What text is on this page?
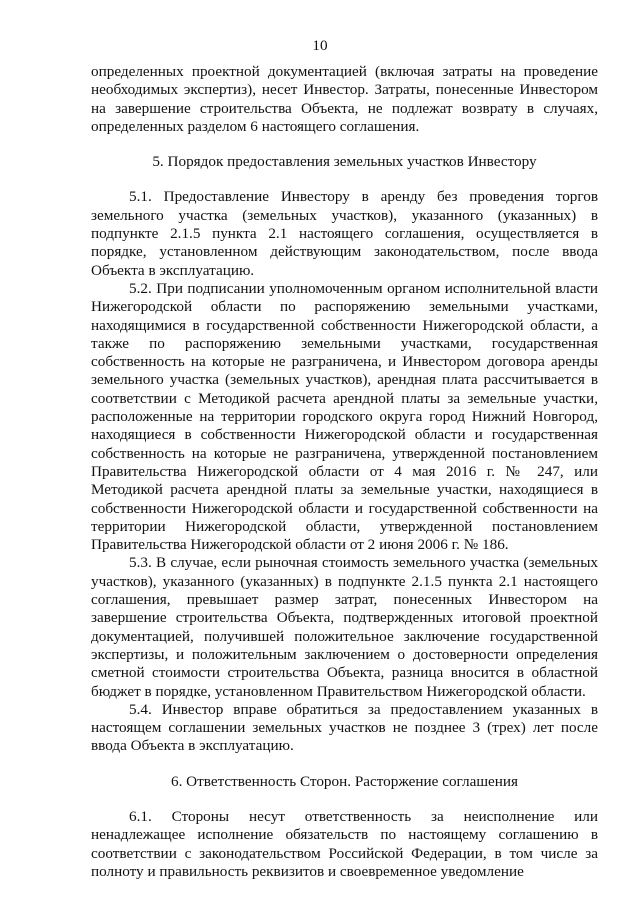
10

определенных проектной документацией (включая затраты на проведение необходимых экспертиз), несет Инвестор. Затраты, понесенные Инвестором на завершение строительства Объекта, не подлежат возврату в случаях, определенных разделом 6 настоящего соглашения.

5. Порядок предоставления земельных участков Инвестору

5.1. Предоставление Инвестору в аренду без проведения торгов земельного участка (земельных участков), указанного (указанных) в подпункте 2.1.5 пункта 2.1 настоящего соглашения, осуществляется в порядке, установленном действующим законодательством, после ввода Объекта в эксплуатацию.

5.2. При подписании уполномоченным органом исполнительной власти Нижегородской области по распоряжению земельными участками, находящимися в государственной собственности Нижегородской области, а также по распоряжению земельными участками, государственная собственность на которые не разграничена, и Инвестором договора аренды земельного участка (земельных участков), арендная плата рассчитывается в соответствии с Методикой расчета арендной платы за земельные участки, расположенные на территории городского округа город Нижний Новгород, находящиеся в собственности Нижегородской области и государственная собственность на которые не разграничена, утвержденной постановлением Правительства Нижегородской области от 4 мая 2016 г. № 247, или Методикой расчета арендной платы за земельные участки, находящиеся в собственности Нижегородской области и государственной собственности на территории Нижегородской области, утвержденной постановлением Правительства Нижегородской области от 2 июня 2006 г. № 186.

5.3. В случае, если рыночная стоимость земельного участка (земельных участков), указанного (указанных) в подпункте 2.1.5 пункта 2.1 настоящего соглашения, превышает размер затрат, понесенных Инвестором на завершение строительства Объекта, подтвержденных итоговой проектной документацией, получившей положительное заключение государственной экспертизы, и положительным заключением о достоверности определения сметной стоимости строительства Объекта, разница вносится в областной бюджет в порядке, установленном Правительством Нижегородской области.

5.4. Инвестор вправе обратиться за предоставлением указанных в настоящем соглашении земельных участков не позднее 3 (трех) лет после ввода Объекта в эксплуатацию.

6. Ответственность Сторон. Расторжение соглашения

6.1. Стороны несут ответственность за неисполнение или ненадлежащее исполнение обязательств по настоящему соглашению в соответствии с законодательством Российской Федерации, в том числе за полноту и правильность реквизитов и своевременное уведомление
